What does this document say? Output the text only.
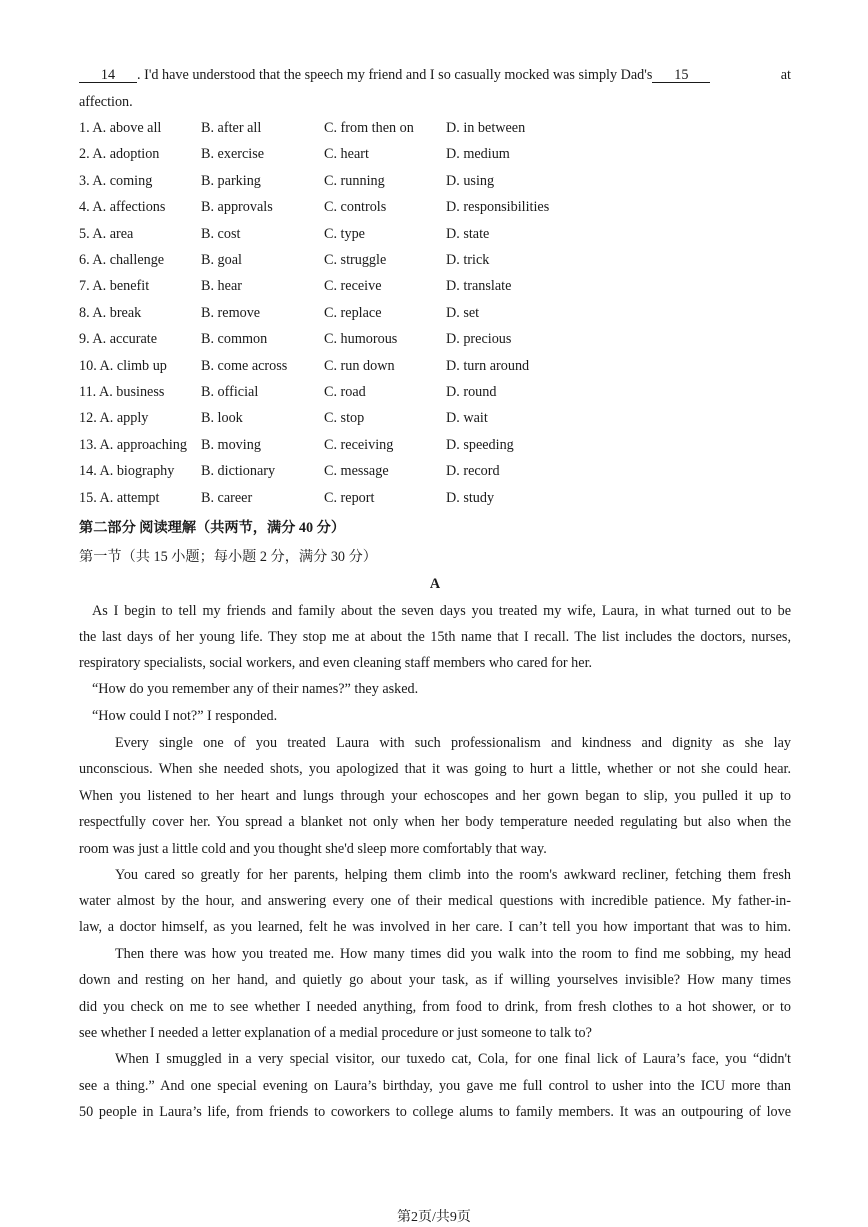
14 . I'd have understood that the speech my friend and I so casually mocked was simply Dad's 15	at
affection.
1. A. above all	B. after all	C. from then on D. in between
2. A. adoption	B. exercise	C. heart	D. medium
3. A. coming	B. parking	C. running	D. using
4. A. affections	B. approvals	C. controls	D. responsibilities
5. A. area	B. cost	C. type	D. state
6. A. challenge	B. goal	C. struggle	D. trick
7. A. benefit	B. hear	C. receive	D. translate
8. A. break	B. remove	C. replace	D. set
9. A. accurate	B. common	C. humorous	D. precious
10. A. climb up B. come across	C. run down	D. turn around
11. A. business	B. official	C. road	D. round
12. A. apply	B. look	C. stop	D. wait
13. A. approaching B. moving	C. receiving	D. speeding
14. A. biography B. dictionary	C. message	D. record
15. A. attempt	B. career	C. report	D. study
第二部分 阅读理解（共两节，满分 40 分）
第一节（共 15 小题；每小题 2 分，满分 30 分）
A
As I begin to tell my friends and family about the seven days you treated my wife, Laura, in what turned out to be
the last days of her young life. They stop me at about the 15th name that I recall. The list includes the doctors, nurses,
respiratory specialists, social workers, and even cleaning staff members who cared for her.
“How do you remember any of their names?” they asked.
“How could I not?” I responded.
Every single one of you treated Laura with such professionalism and kindness and dignity as she lay
unconscious. When she needed shots, you apologized that it was going to hurt a little, whether or not she could hear.
When you listened to her heart and lungs through your echoscopes and her gown began to slip, you pulled it up to
respectfully cover her. You spread a blanket not only when her body temperature needed regulating but also when the
room was just a little cold and you thought she'd sleep more comfortably that way.
You cared so greatly for her parents, helping them climb into the room's awkward recliner, fetching them fresh
water almost by the hour, and answering every one of their medical questions with incredible patience. My father-in-
law, a doctor himself, as you learned, felt he was involved in her care. I can’t tell you how important that was to him.
Then there was how you treated me. How many times did you walk into the room to find me sobbing, my head
down and resting on her hand, and quietly go about your task, as if willing yourselves invisible? How many times
did you check on me to see whether I needed anything, from food to drink, from fresh clothes to a hot shower, or to
see whether I needed a letter explanation of a medial procedure or just someone to talk to?
When I smuggled in a very special visitor, our tuxedo cat, Cola, for one final lick of Laura’s face, you “didn't
see a thing.” And one special evening on Laura’s birthday, you gave me full control to usher into the ICU more than
50 people in Laura’s life, from friends to coworkers to college alums to family members. It was an outpouring of love
第2页/共9页
